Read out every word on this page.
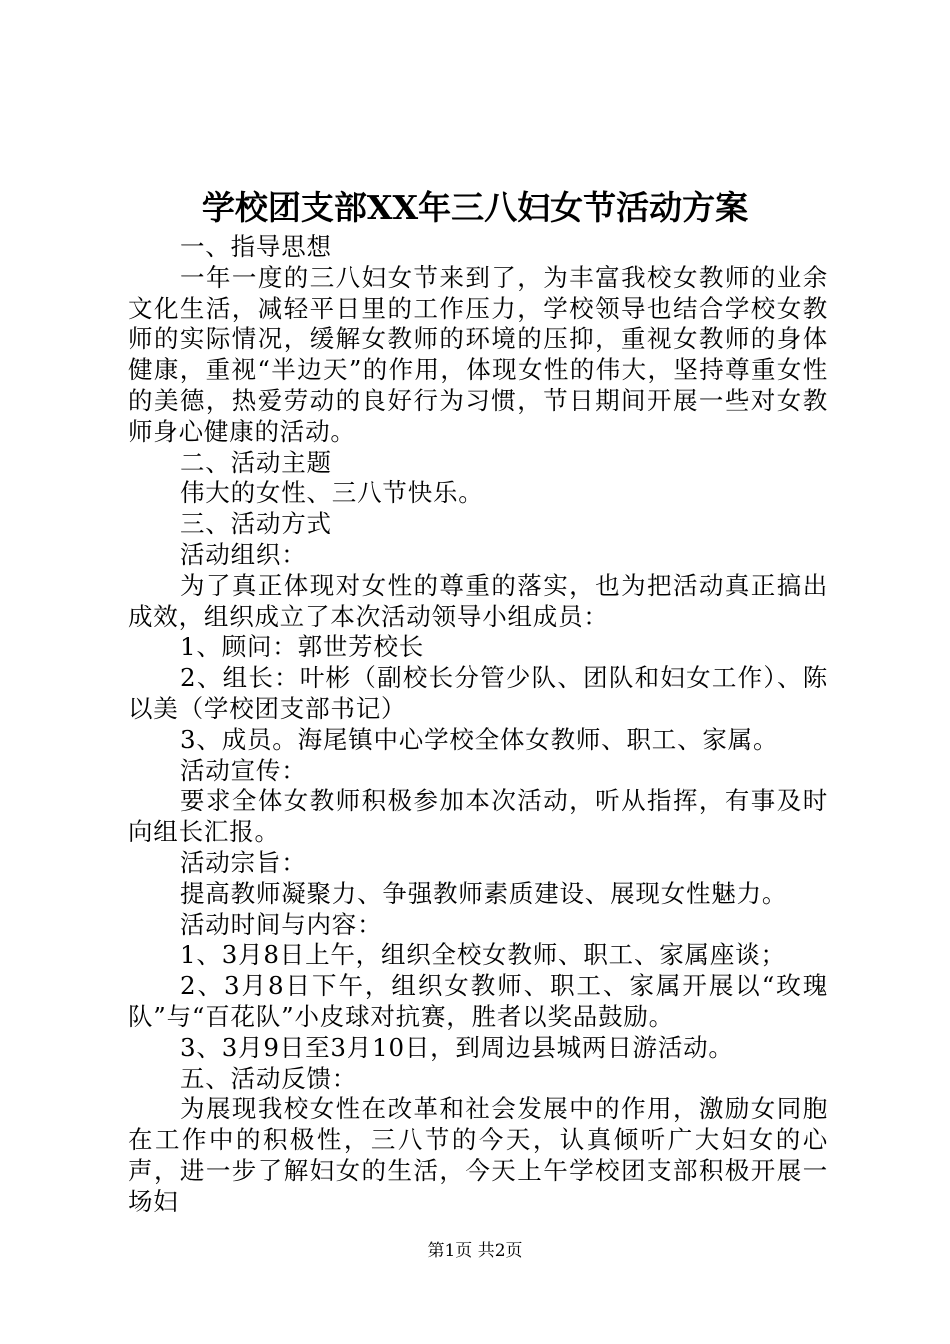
学校团支部XX年三八妇女节活动方案

一、指导思想

一年一度的三八妇女节来到了，为丰富我校女教师的业余文化生活，减轻平日里的工作压力，学校领导也结合学校女教师的实际情况，缓解女教师的环境的压抑，重视女教师的身体健康，重视“半边天”的作用，体现女性的伟大，坚持尊重女性的美德，热爱劳动的良好行为习惯，节日期间开展一些对女教师身心健康的活动。

二、活动主题

伟大的女性、三八节快乐。

三、活动方式

活动组织：

为了真正体现对女性的尊重的落实，也为把活动真正搞出成效，组织成立了本次活动领导小组成员：

1、顾问：郭世芳校长

2、组长：叶彬（副校长分管少队、团队和妇女工作）、陈以美（学校团支部书记）

3、成员。海尾镇中心学校全体女教师、职工、家属。

活动宣传：

要求全体女教师积极参加本次活动，听从指挥，有事及时向组长汇报。

活动宗旨：

提高教师凝聚力、争强教师素质建设、展现女性魅力。

活动时间与内容：

1、3月8日上午，组织全校女教师、职工、家属座谈；

2、3月8日下午，组织女教师、职工、家属开展以“玫瑰队”与“百花队”小皮球对抗赛，胜者以奖品鼓励。

3、3月9日至3月10日，到周边县城两日游活动。

五、活动反馈：

为展现我校女性在改革和社会发展中的作用，激励女同胞在工作中的积极性，三八节的今天，认真倾听广大妇女的心声，进一步了解妇女的生活，今天上午学校团支部积极开展一场妇

第1页 共2页
